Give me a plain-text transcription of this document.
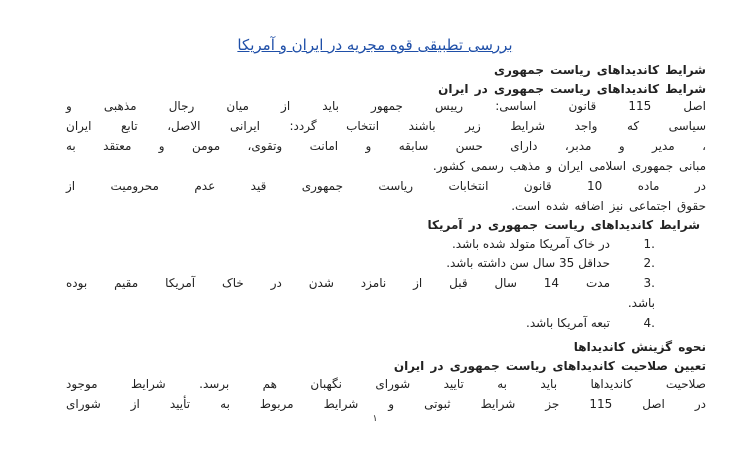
بررسی تطبیقی قوه مجریه در ایران و آمریکا
شرایط کاندیداهای ریاست جمهوری
شرایط کاندیداهای ریاست جمهوری در ایران
اصل 115 قانون اساسی: رییس جمهور باید از میان رجال مذهبی و
سیاسی که واجد شرایط زیر باشند انتخاب گردد: ایرانی الاصل، تابع ایران
، مدیر و مدبر، دارای حسن سابقه و امانت وتقوی، مومن و معتقد به
مبانی جمهوری اسلامی ایران و مذهب رسمی کشور.
در ماده 10 قانون انتخابات ریاست جمهوری قید عدم محرومیت از
حقوق اجتماعی نیز اضافه شده است.
شرایط کاندیداهای ریاست جمهوری در آمریکا
.1
در خاک آمریکا متولد شده باشد.
.2
حداقل 35 سال سن داشته باشد.
.3
مدت 14 سال قبل از نامزد شدن در خاک آمریکا مقیم بوده
باشد.
.4
تبعه آمریکا باشد.
نحوه گزینش کاندیداها
تعیین صلاحیت کاندیداهای ریاست جمهوری در ایران
صلاحیت کاندیداها باید به تایید شورای نگهبان هم برسد. شرایط موجود
در اصل 115 جز شرایط ثبوتی و شرایط مربوط به تأیید از شورای
۱
